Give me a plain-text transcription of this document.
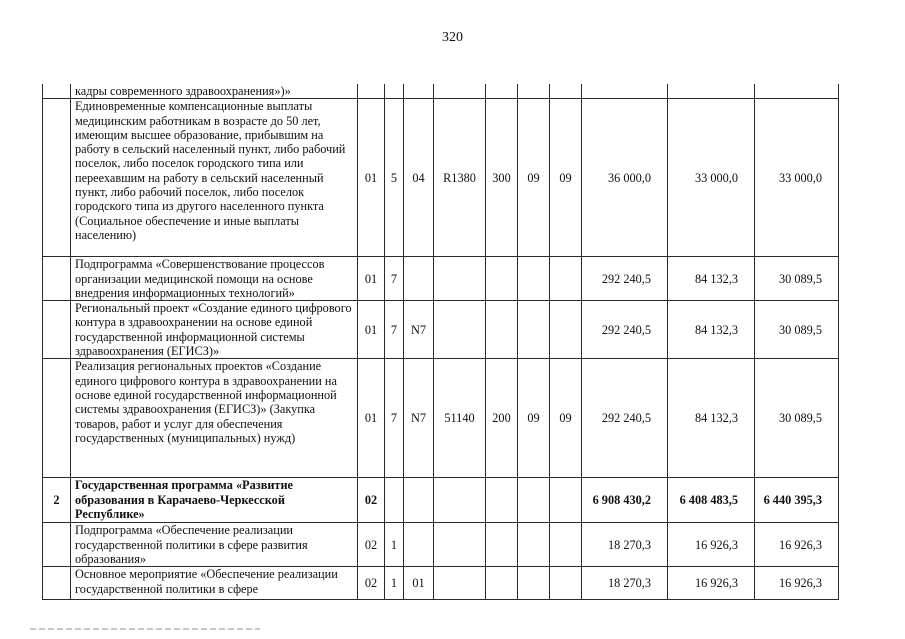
320
	кадры современного здравоохранения»)»										
	Единовременные компенсационные выплаты медицинским работникам в возрасте до 50 лет, имеющим высшее образование, прибывшим на работу в сельский населенный пункт, либо рабочий поселок, либо поселок городского типа или переехавшим на работу в сельский населенный пункт, либо рабочий поселок, либо поселок городского типа из другого населенного пункта (Социальное обеспечение и иные выплаты населению)	01	5	04	R1380	300	09	09	36 000,0	33 000,0	33 000,0
	Подпрограмма «Совершенствование процессов организации медицинской помощи на основе внедрения информационных технологий»	01	7						292 240,5	84 132,3	30 089,5
	Региональный проект «Создание единого цифрового контура в здравоохранении на основе единой государственной информационной системы здравоохранения (ЕГИСЗ)»	01	7	N7					292 240,5	84 132,3	30 089,5
	Реализация региональных проектов «Создание единого цифрового контура в здравоохранении на основе единой государственной информационной системы здравоохранения (ЕГИСЗ)» (Закупка товаров, работ и услуг для обеспечения государственных (муниципальных) нужд)	01	7	N7	51140	200	09	09	292 240,5	84 132,3	30 089,5
2	Государственная программа «Развитие образования в Карачаево-Черкесской Республике»	02							6 908 430,2	6 408 483,5	6 440 395,3
	Подпрограмма «Обеспечение реализации государственной политики в сфере развития образования»	02	1						18 270,3	16 926,3	16 926,3
	Основное мероприятие «Обеспечение реализации государственной политики в сфере	02	1	01					18 270,3	16 926,3	16 926,3
